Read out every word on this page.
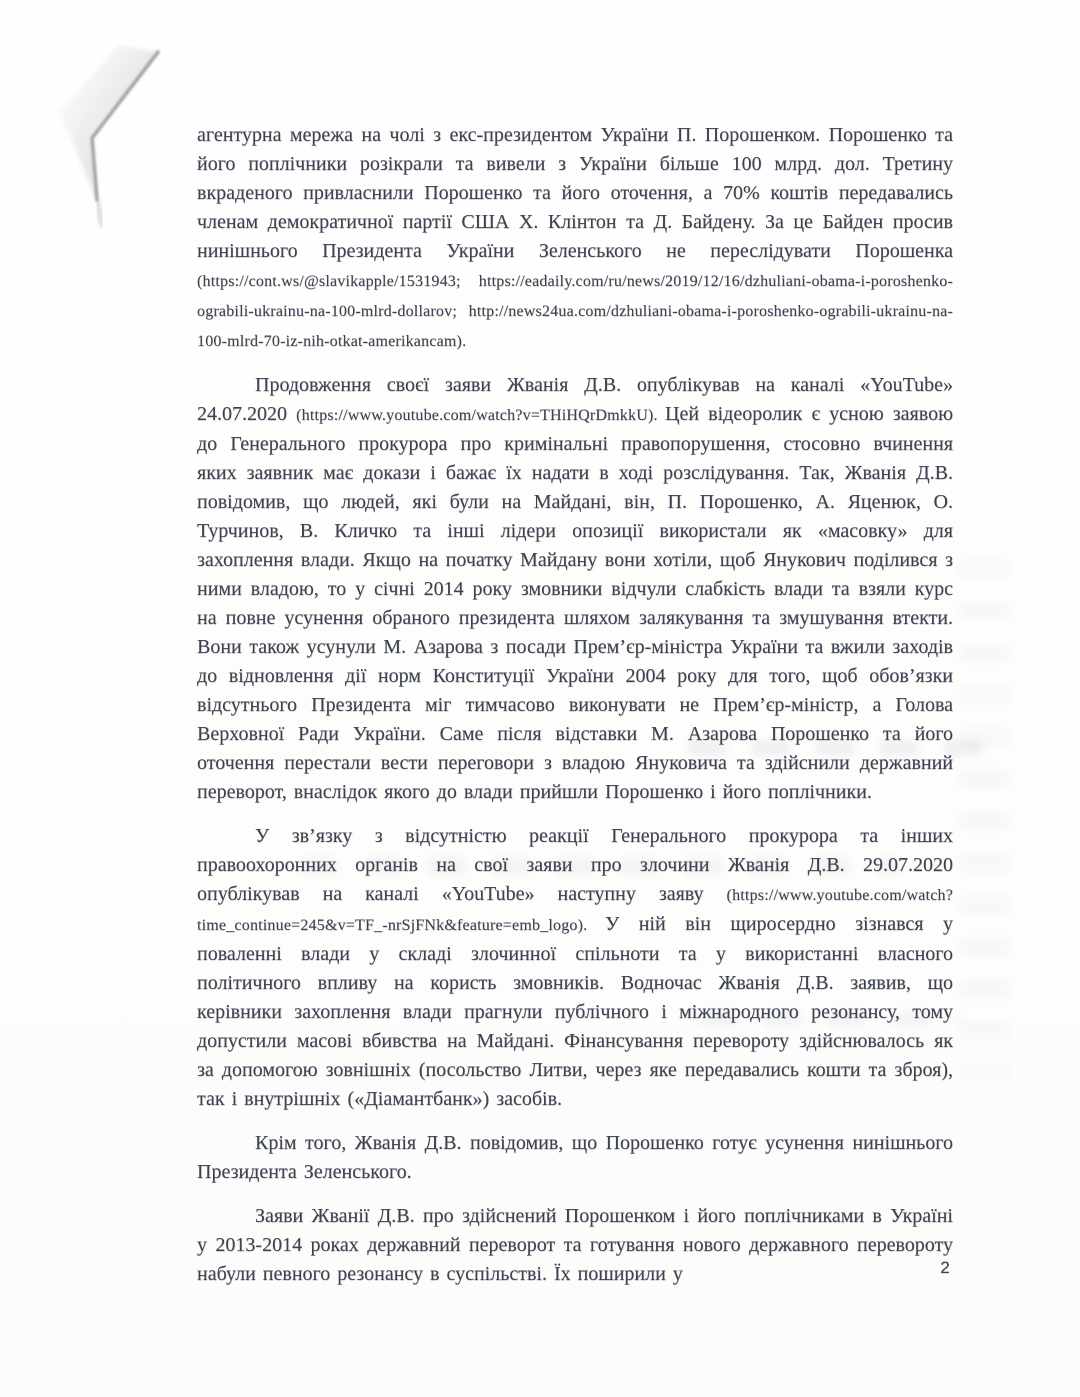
агентурна мережа на чолі з екс-президентом України П. Порошенком. Порошенко та його поплічники розікрали та вивели з України більше 100 млрд. дол. Третину вкраденого привласнили Порошенко та його оточення, а 70% коштів передавались членам демократичної партії США Х. Клінтон та Д. Байдену. За це Байден просив нинішнього Президента України Зеленського не переслідувати Порошенка (https://cont.ws/@slavikapple/1531943; https://eadaily.com/ru/news/2019/12/16/dzhuliani-obama-i-poroshenko-ograbili-ukrainu-na-100-mlrd-dollarov; http://news24ua.com/dzhuliani-obama-i-poroshenko-ograbili-ukrainu-na-100-mlrd-70-iz-nih-otkat-amerikancam).

Продовження своєї заяви Жванія Д.В. опублікував на каналі «YouTube» 24.07.2020 (https://www.youtube.com/watch?v=THiHQrDmkkU). Цей відеоролик є усною заявою до Генерального прокурора про кримінальні правопорушення, стосовно вчинення яких заявник має докази і бажає їх надати в ході розслідування. Так, Жванія Д.В. повідомив, що людей, які були на Майдані, він, П. Порошенко, А. Яценюк, О. Турчинов, В. Кличко та інші лідери опозиції використали як «масовку» для захоплення влади. Якщо на початку Майдану вони хотіли, щоб Янукович поділився з ними владою, то у січні 2014 року змовники відчули слабкість влади та взяли курс на повне усунення обраного президента шляхом залякування та змушування втекти. Вони також усунули М. Азарова з посади Прем’єр-міністра України та вжили заходів до відновлення дії норм Конституції України 2004 року для того, щоб обов’язки відсутнього Президента міг тимчасово виконувати не Прем’єр-міністр, а Голова Верховної Ради України. Саме після відставки М. Азарова Порошенко та його оточення перестали вести переговори з владою Януковича та здійснили державний переворот, внаслідок якого до влади прийшли Порошенко і його поплічники.

У зв’язку з відсутністю реакції Генерального прокурора та інших правоохоронних органів на свої заяви про злочини Жванія Д.В. 29.07.2020 опублікував на каналі «YouTube» наступну заяву (https://www.youtube.com/watch?time_continue=245&v=TF_-nrSjFNk&feature=emb_logo). У ній він щиросердно зізнався у поваленні влади у складі злочинної спільноти та у використанні власного політичного впливу на користь змовників. Водночас Жванія Д.В. заявив, що керівники захоплення влади прагнули публічного і міжнародного резонансу, тому допустили масові вбивства на Майдані. Фінансування перевороту здійснювалось як за допомогою зовнішніх (посольство Литви, через яке передавались кошти та зброя), так і внутрішніх («Діамантбанк») засобів.

Крім того, Жванія Д.В. повідомив, що Порошенко готує усунення нинішнього Президента Зеленського.

Заяви Жванії Д.В. про здійснений Порошенком і його поплічниками в Україні у 2013-2014 роках державний переворот та готування нового державного перевороту набули певного резонансу в суспільстві. Їх поширили у	2
